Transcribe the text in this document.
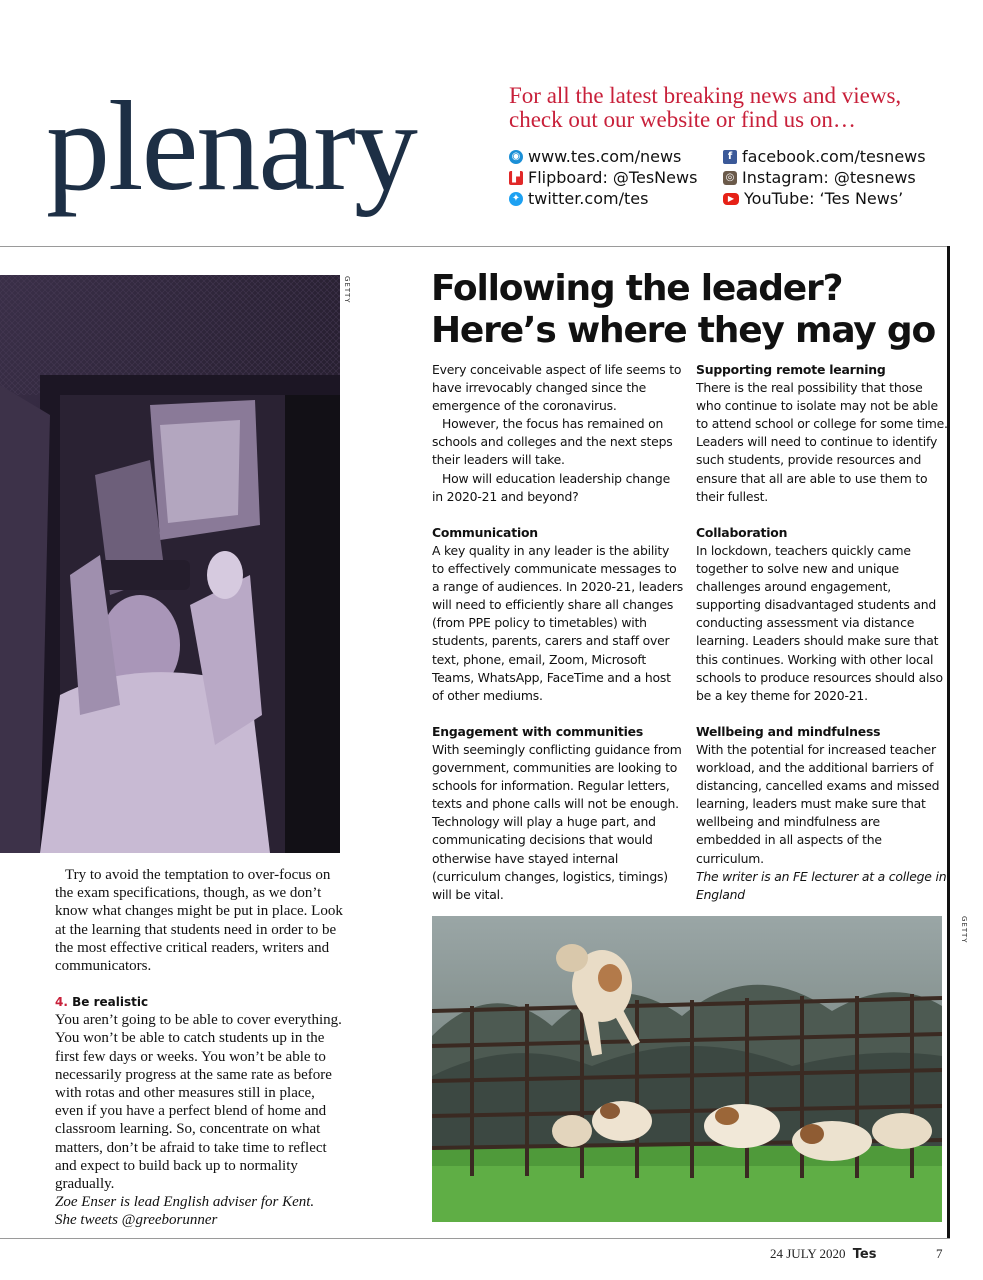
plenary	For all the latest breaking news and views,
check out our website or find us on…
◉ www.tes.com/news	f facebook.com/tesnews
▛ Flipboard: @TesNews	◎ Instagram: @tesnews
✦ twitter.com/tes	▶ YouTube: ‘Tes News’
GETTY

Try to avoid the temptation to over-focus on the exam specifications, though, as we don’t know what changes might be put in place. Look at the learning that students need in order to be the most effective critical readers, writers and communicators.

4. Be realistic

You aren’t going to be able to cover everything. You won’t be able to catch students up in the first few days or weeks. You won’t be able to necessarily progress at the same rate as before with rotas and other measures still in place, even if you have a perfect blend of home and classroom learning. So, concentrate on what matters, don’t be afraid to take time to reflect and expect to build back up to normality gradually.

Zoe Enser is lead English adviser for Kent.

She tweets @greeborunner

Following the leader?
Here’s where they may go

Every conceivable aspect of life seems to have irrevocably changed since the emergence of the coronavirus.

However, the focus has remained on schools and colleges and the next steps their leaders will take.

How will education leadership change in 2020-21 and beyond?

Communication

A key quality in any leader is the ability to effectively communicate messages to a range of audiences. In 2020-21, leaders will need to efficiently share all changes (from PPE policy to timetables) with students, parents, carers and staff over text, phone, email, Zoom, Microsoft Teams, WhatsApp, FaceTime and a host of other mediums.

Engagement with communities

With seemingly conflicting guidance from government, communities are looking to schools for information. Regular letters, texts and phone calls will not be enough. Technology will play a huge part, and communicating decisions that would otherwise have stayed internal (curriculum changes, logistics, timings) will be vital.

Supporting remote learning

There is the real possibility that those who continue to isolate may not be able to attend school or college for some time. Leaders will need to continue to identify such students, provide resources and ensure that all are able to use them to their fullest.

Collaboration

In lockdown, teachers quickly came together to solve new and unique challenges around engagement, supporting disadvantaged students and conducting assessment via distance learning. Leaders should make sure that this continues. Working with other local schools to produce resources should also be a key theme for 2020-21.

Wellbeing and mindfulness

With the potential for increased teacher workload, and the additional barriers of distancing, cancelled exams and missed learning, leaders must make sure that wellbeing and mindfulness are embedded in all aspects of the curriculum.

The writer is an FE lecturer at a college in England

GETTY
24 JULY 2020 Tes	7
